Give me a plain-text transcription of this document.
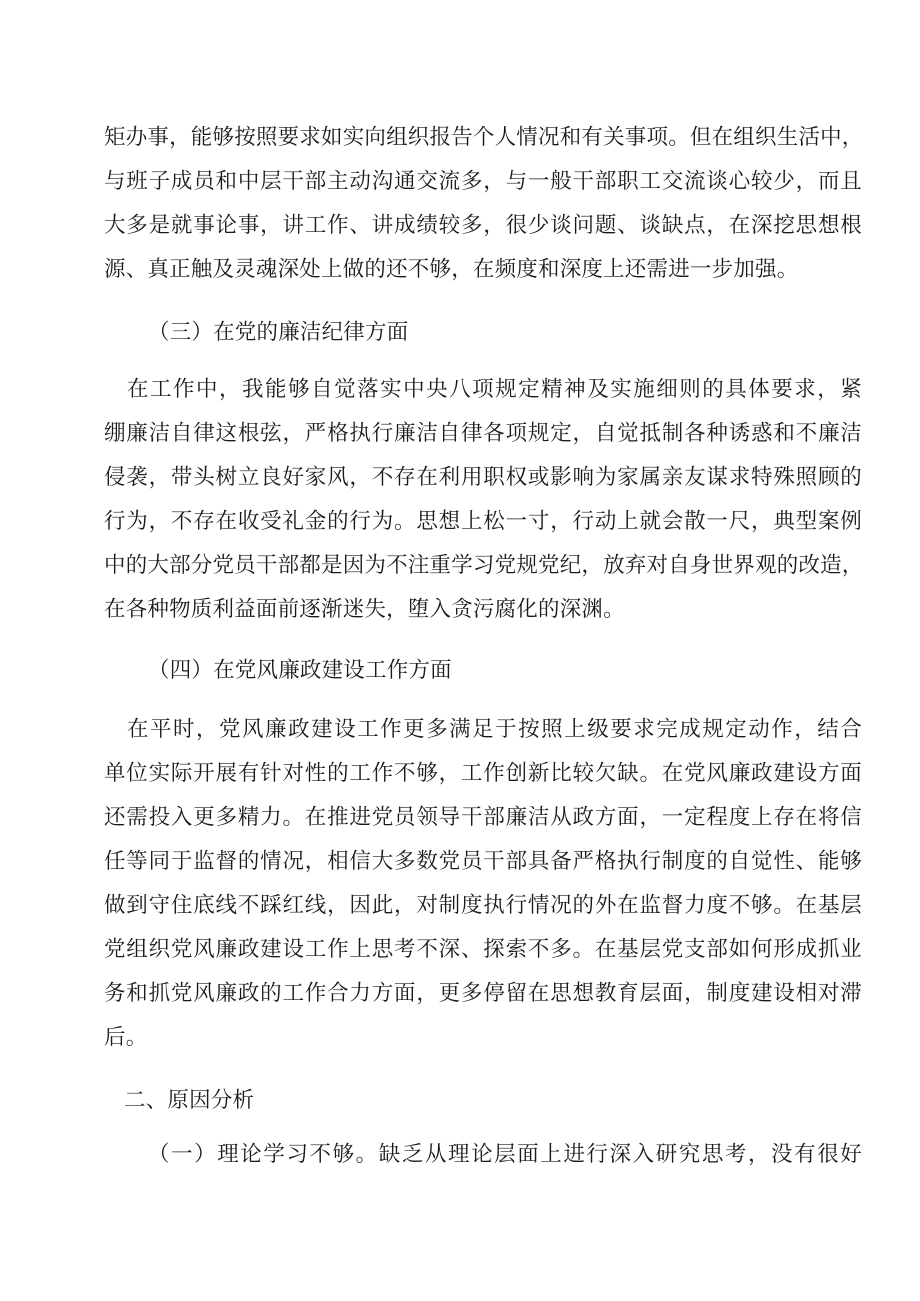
矩办事，能够按照要求如实向组织报告个人情况和有关事项。但在组织生活中，
与班子成员和中层干部主动沟通交流多，与一般干部职工交流谈心较少，而且
大多是就事论事，讲工作、讲成绩较多，很少谈问题、谈缺点，在深挖思想根
源、真正触及灵魂深处上做的还不够，在频度和深度上还需进一步加强。
（三）在党的廉洁纪律方面
在工作中，我能够自觉落实中央八项规定精神及实施细则的具体要求，紧
绷廉洁自律这根弦，严格执行廉洁自律各项规定，自觉抵制各种诱惑和不廉洁
侵袭，带头树立良好家风，不存在利用职权或影响为家属亲友谋求特殊照顾的
行为，不存在收受礼金的行为。思想上松一寸，行动上就会散一尺，典型案例
中的大部分党员干部都是因为不注重学习党规党纪，放弃对自身世界观的改造，
在各种物质利益面前逐渐迷失，堕入贪污腐化的深渊。
（四）在党风廉政建设工作方面
在平时，党风廉政建设工作更多满足于按照上级要求完成规定动作，结合
单位实际开展有针对性的工作不够，工作创新比较欠缺。在党风廉政建设方面
还需投入更多精力。在推进党员领导干部廉洁从政方面，一定程度上存在将信
任等同于监督的情况，相信大多数党员干部具备严格执行制度的自觉性、能够
做到守住底线不踩红线，因此，对制度执行情况的外在监督力度不够。在基层
党组织党风廉政建设工作上思考不深、探索不多。在基层党支部如何形成抓业
务和抓党风廉政的工作合力方面，更多停留在思想教育层面，制度建设相对滞
后。
二、原因分析
（一）理论学习不够。缺乏从理论层面上进行深入研究思考，没有很好
